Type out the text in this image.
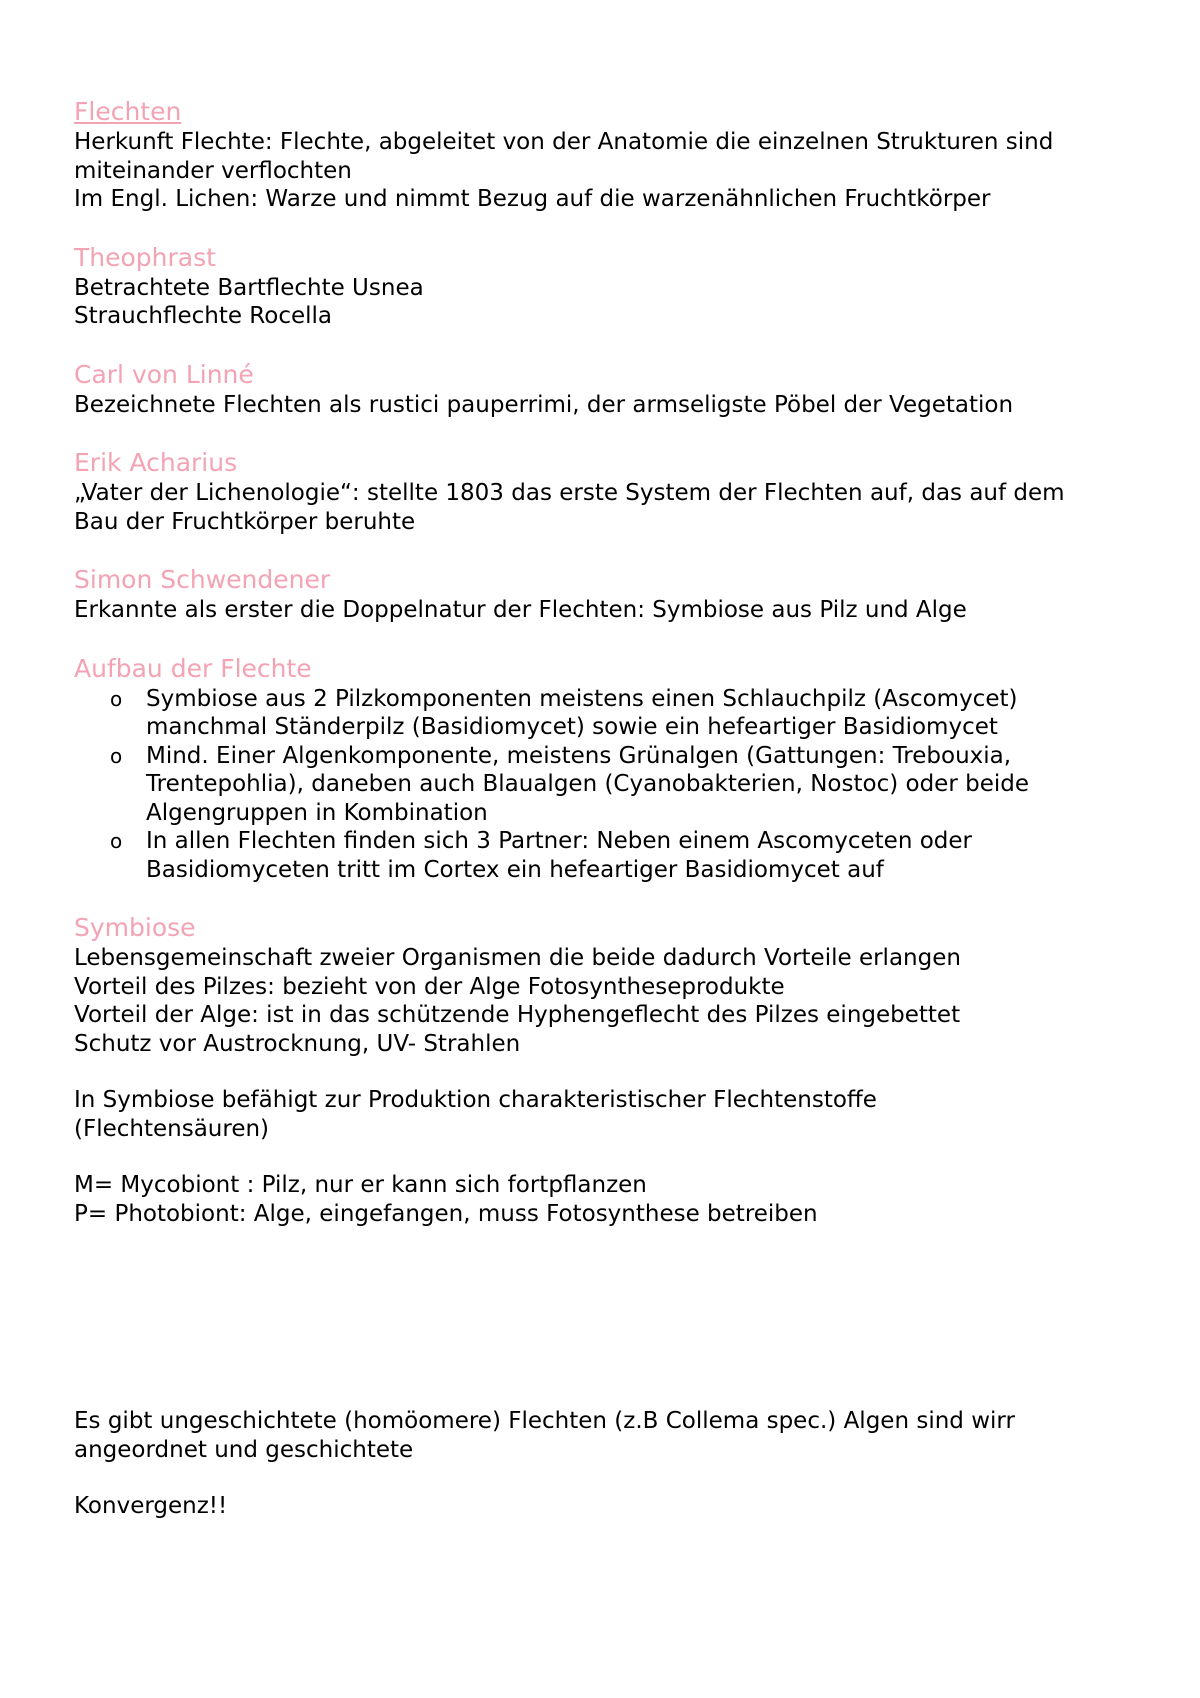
Flechten

Herkunft Flechte: Flechte, abgeleitet von der Anatomie die einzelnen Strukturen sind

miteinander verflochten

Im Engl. Lichen: Warze und nimmt Bezug auf die warzenähnlichen Fruchtkörper

Theophrast

Betrachtete Bartflechte Usnea

Strauchflechte Rocella

Carl von Linné

Bezeichnete Flechten als rustici pauperrimi, der armseligste Pöbel der Vegetation

Erik Acharius

„Vater der Lichenologie“: stellte 1803 das erste System der Flechten auf, das auf dem

Bau der Fruchtkörper beruhte

Simon Schwendener

Erkannte als erster die Doppelnatur der Flechten: Symbiose aus Pilz und Alge

Aufbau der Flechte
o Symbiose aus 2 Pilzkomponenten meistens einen Schlauchpilz (Ascomycet)
manchmal Ständerpilz (Basidiomycet) sowie ein hefeartiger Basidiomycet
o Mind. Einer Algenkomponente, meistens Grünalgen (Gattungen: Trebouxia,
Trentepohlia), daneben auch Blaualgen (Cyanobakterien, Nostoc) oder beide
Algengruppen in Kombination
o In allen Flechten finden sich 3 Partner: Neben einem Ascomyceten oder
Basidiomyceten tritt im Cortex ein hefeartiger Basidiomycet auf
Symbiose

Lebensgemeinschaft zweier Organismen die beide dadurch Vorteile erlangen

Vorteil des Pilzes: bezieht von der Alge Fotosyntheseprodukte

Vorteil der Alge: ist in das schützende Hyphengeflecht des Pilzes eingebettet

Schutz vor Austrocknung, UV- Strahlen

In Symbiose befähigt zur Produktion charakteristischer Flechtenstoffe

(Flechtensäuren)

M= Mycobiont : Pilz, nur er kann sich fortpflanzen

P= Photobiont: Alge, eingefangen, muss Fotosynthese betreiben

Es gibt ungeschichtete (homöomere) Flechten (z.B Collema spec.) Algen sind wirr

angeordnet und geschichtete

Konvergenz!!
